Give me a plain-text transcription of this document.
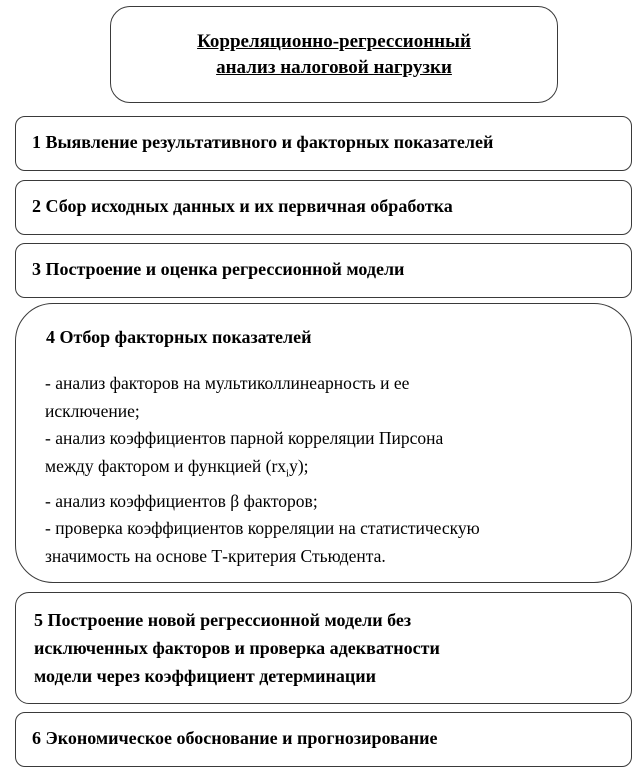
Корреляционно-регрессионный
анализ налоговой нагрузки
1 Выявление результативного и факторных показателей
2 Сбор исходных данных и их первичная обработка
3 Построение и оценка регрессионной модели
4 Отбор факторных показателей
- анализ факторов на мультиколлинеарность и ее
исключение;
- анализ коэффициентов парной корреляции Пирсона
между фактором и функцией $(rx_iy)$;
- анализ коэффициентов β факторов;
- проверка коэффициентов корреляции на статистическую
значимость на основе Т-критерия Стьюдента.
5 Построение новой регрессионной модели без
исключенных факторов и проверка адекватности
модели через коэффициент детерминации
6 Экономическое обоснование и прогнозирование
